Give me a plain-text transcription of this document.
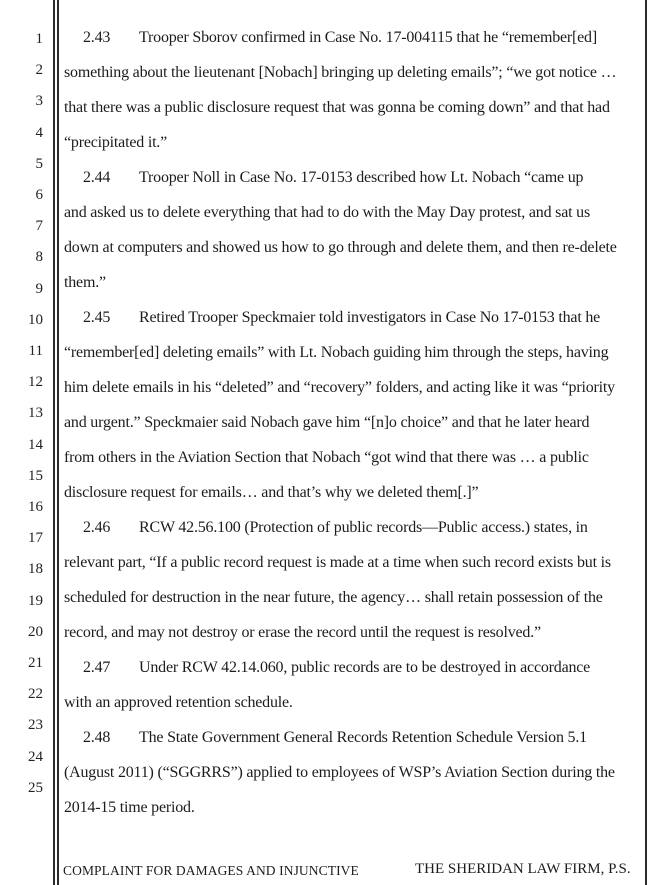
1
2
3
4
5
6
7
8
9
10
11
12
13
14
15
16
17
18
19
20
21
22
23
24
25
2.43 Trooper Sborov confirmed in Case No. 17-004115 that he “remember[ed]
something about the lieutenant [Nobach] bringing up deleting emails”; “we got notice …
that there was a public disclosure request that was gonna be coming down” and that had
“precipitated it.”
2.44 Trooper Noll in Case No. 17-0153 described how Lt. Nobach “came up
and asked us to delete everything that had to do with the May Day protest, and sat us
down at computers and showed us how to go through and delete them, and then re-delete
them.”
2.45 Retired Trooper Speckmaier told investigators in Case No 17-0153 that he
“remember[ed] deleting emails” with Lt. Nobach guiding him through the steps, having
him delete emails in his “deleted” and “recovery” folders, and acting like it was “priority
and urgent.” Speckmaier said Nobach gave him “[n]o choice” and that he later heard
from others in the Aviation Section that Nobach “got wind that there was … a public
disclosure request for emails… and that’s why we deleted them[.]”
2.46 RCW 42.56.100 (Protection of public records—Public access.) states, in
relevant part, “If a public record request is made at a time when such record exists but is
scheduled for destruction in the near future, the agency… shall retain possession of the
record, and may not destroy or erase the record until the request is resolved.”
2.47 Under RCW 42.14.060, public records are to be destroyed in accordance
with an approved retention schedule.
2.48 The State Government General Records Retention Schedule Version 5.1
(August 2011) (“SGGRRS”) applied to employees of WSP’s Aviation Section during the
2014-15 time period.
COMPLAINT FOR DAMAGES AND INJUNCTIVE	THE SHERIDAN LAW FIRM, P.S.
